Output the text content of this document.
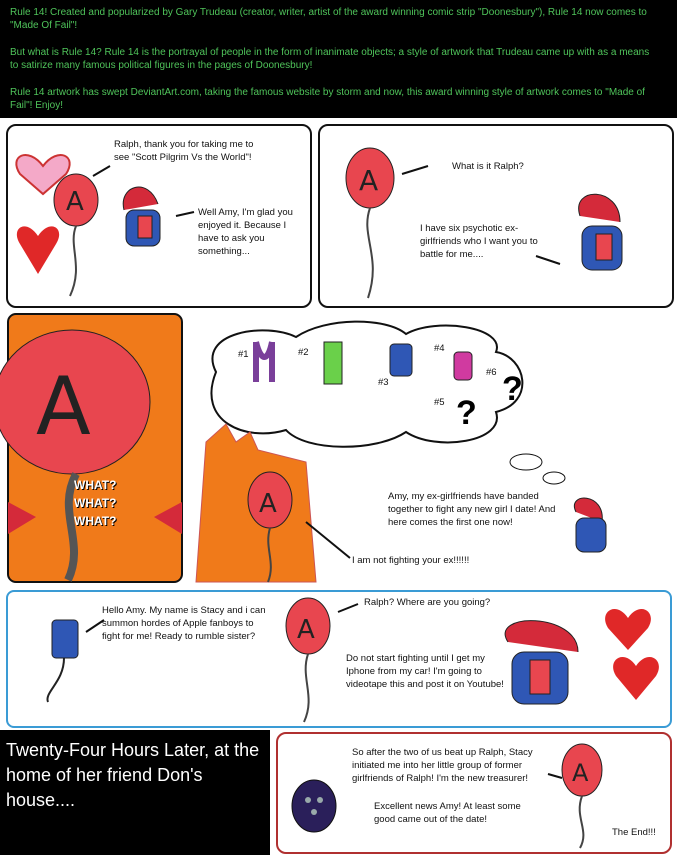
Rule 14! Created and popularized by Gary Trudeau (creator, writer, artist of the award winning comic strip "Doonesbury"), Rule 14 now comes to "Made Of Fail"!

But what is Rule 14? Rule 14 is the portrayal of people in the form of inanimate objects; a style of artwork that Trudeau came up with as a means to satirize many famous political figures in the pages of Doonesbury!

Rule 14 artwork has swept DeviantArt.com, taking the famous website by storm and now, this award winning style of artwork comes to "Made of Fail"! Enjoy!

A
Ralph, thank you for taking me to see "Scott Pilgrim Vs the World"!
Well Amy, I'm glad you enjoyed it. Because I have to ask you something...
A	What is it Ralph?
I have six psychotic ex-girlfriends who I want you to battle for me....
A
A
WHAT?
WHAT?
WHAT?
#1	#2
#3
#4
#5
#6
?
?
Amy, my ex-girlfriends have banded together to fight any new girl I date! And here comes the first one now!
I am not fighting your ex!!!!!!
A
Hello Amy. My name is Stacy and i can summon hordes of Apple fanboys to fight for me! Ready to rumble sister?
Ralph? Where are you going?
Do not start fighting until I get my Iphone from my car! I'm going to videotape this and post it on Youtube!
Twenty-Four Hours Later, at the home of her friend Don's house....
A
So after the two of us beat up Ralph, Stacy initiated me into her little group of former girlfriends of Ralph! I'm the new treasurer!
Excellent news Amy! At least some good came out of the date!
The End!!!
